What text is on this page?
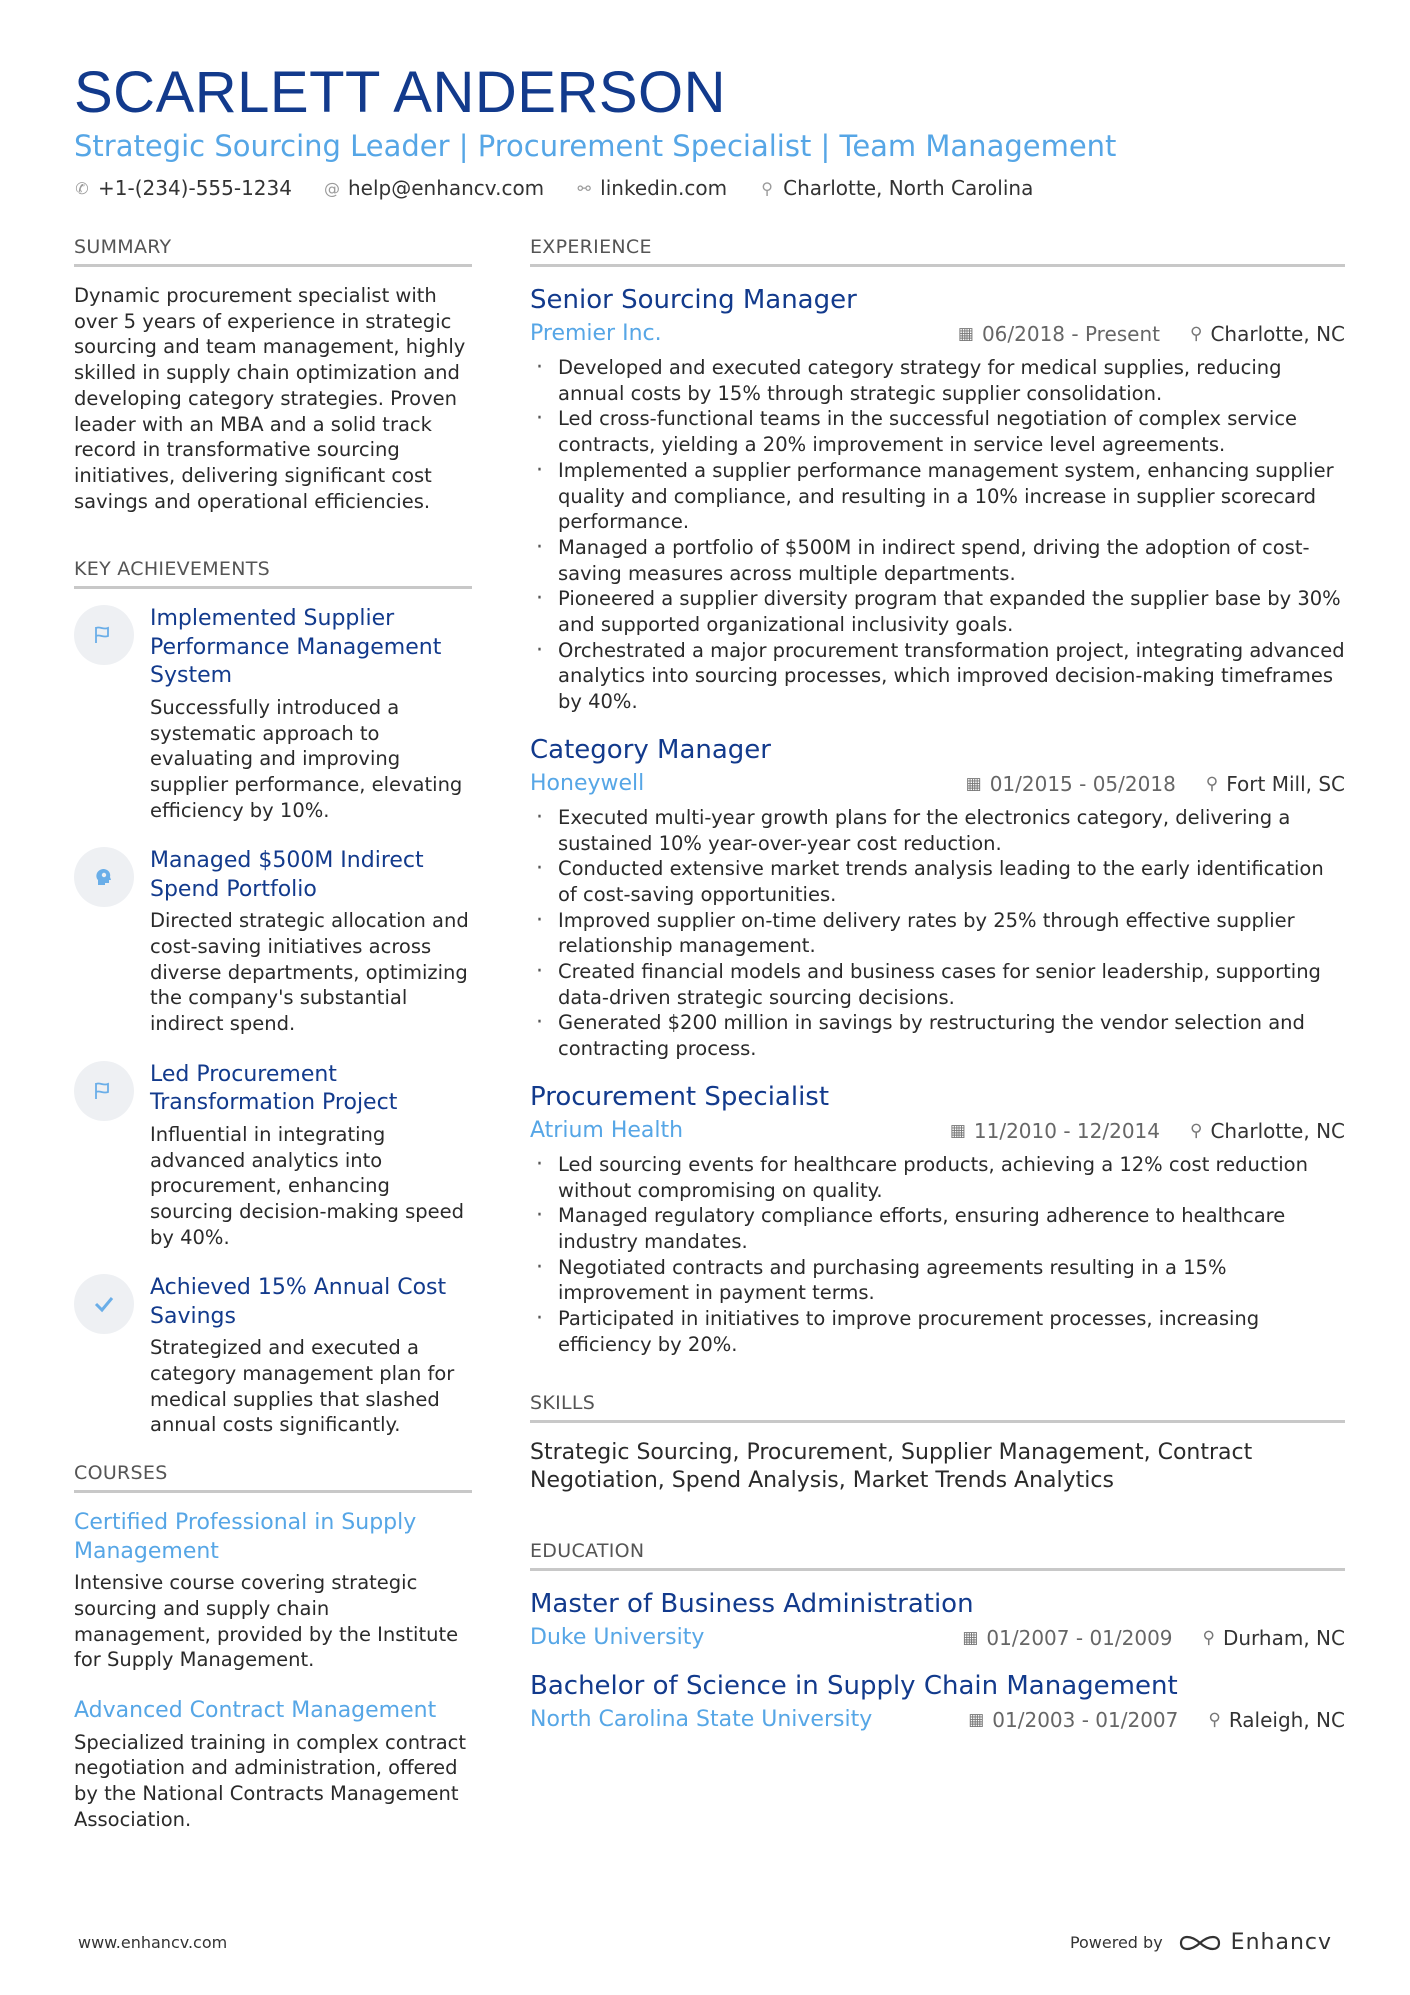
SCARLETT ANDERSON
Strategic Sourcing Leader | Procurement Specialist | Team Management
✆ +1-(234)-555-1234 @ help@enhancv.com ⚯ linkedin.com ⚲ Charlotte, North Carolina
SUMMARY
Dynamic procurement specialist with over 5 years of experience in strategic sourcing and team management, highly skilled in supply chain optimization and developing category strategies. Proven leader with an MBA and a solid track record in transformative sourcing initiatives, delivering significant cost savings and operational efficiencies.
KEY ACHIEVEMENTS
Implemented Supplier Performance Management System
Successfully introduced a systematic approach to evaluating and improving supplier performance, elevating efficiency by 10%.
Managed $500M Indirect Spend Portfolio
Directed strategic allocation and cost-saving initiatives across diverse departments, optimizing the company's substantial indirect spend.
Led Procurement Transformation Project
Influential in integrating advanced analytics into procurement, enhancing sourcing decision-making speed by 40%.
Achieved 15% Annual Cost Savings
Strategized and executed a category management plan for medical supplies that slashed annual costs significantly.
COURSES
Certified Professional in Supply Management
Intensive course covering strategic sourcing and supply chain management, provided by the Institute for Supply Management.
Advanced Contract Management
Specialized training in complex contract negotiation and administration, offered by the National Contracts Management Association.
EXPERIENCE
Senior Sourcing Manager
Premier Inc.	▦ 06/2018 - Present ⚲ Charlotte, NC
· Developed and executed category strategy for medical supplies, reducing annual costs by 15% through strategic supplier consolidation.
· Led cross-functional teams in the successful negotiation of complex service contracts, yielding a 20% improvement in service level agreements.
· Implemented a supplier performance management system, enhancing supplier quality and compliance, and resulting in a 10% increase in supplier scorecard performance.
· Managed a portfolio of $500M in indirect spend, driving the adoption of cost-saving measures across multiple departments.
· Pioneered a supplier diversity program that expanded the supplier base by 30% and supported organizational inclusivity goals.
· Orchestrated a major procurement transformation project, integrating advanced analytics into sourcing processes, which improved decision-making timeframes by 40%.
Category Manager
Honeywell	▦ 01/2015 - 05/2018 ⚲ Fort Mill, SC
· Executed multi-year growth plans for the electronics category, delivering a sustained 10% year-over-year cost reduction.
· Conducted extensive market trends analysis leading to the early identification of cost-saving opportunities.
· Improved supplier on-time delivery rates by 25% through effective supplier relationship management.
· Created financial models and business cases for senior leadership, supporting data-driven strategic sourcing decisions.
· Generated $200 million in savings by restructuring the vendor selection and contracting process.
Procurement Specialist
Atrium Health	▦ 11/2010 - 12/2014 ⚲ Charlotte, NC
· Led sourcing events for healthcare products, achieving a 12% cost reduction without compromising on quality.
· Managed regulatory compliance efforts, ensuring adherence to healthcare industry mandates.
· Negotiated contracts and purchasing agreements resulting in a 15% improvement in payment terms.
· Participated in initiatives to improve procurement processes, increasing efficiency by 20%.
SKILLS
Strategic Sourcing, Procurement, Supplier Management, Contract Negotiation, Spend Analysis, Market Trends Analytics
EDUCATION
Master of Business Administration
Duke University	▦ 01/2007 - 01/2009 ⚲ Durham, NC
Bachelor of Science in Supply Chain Management
North Carolina State University	▦ 01/2003 - 01/2007 ⚲ Raleigh, NC
www.enhancv.com	Powered by	Enhancv
